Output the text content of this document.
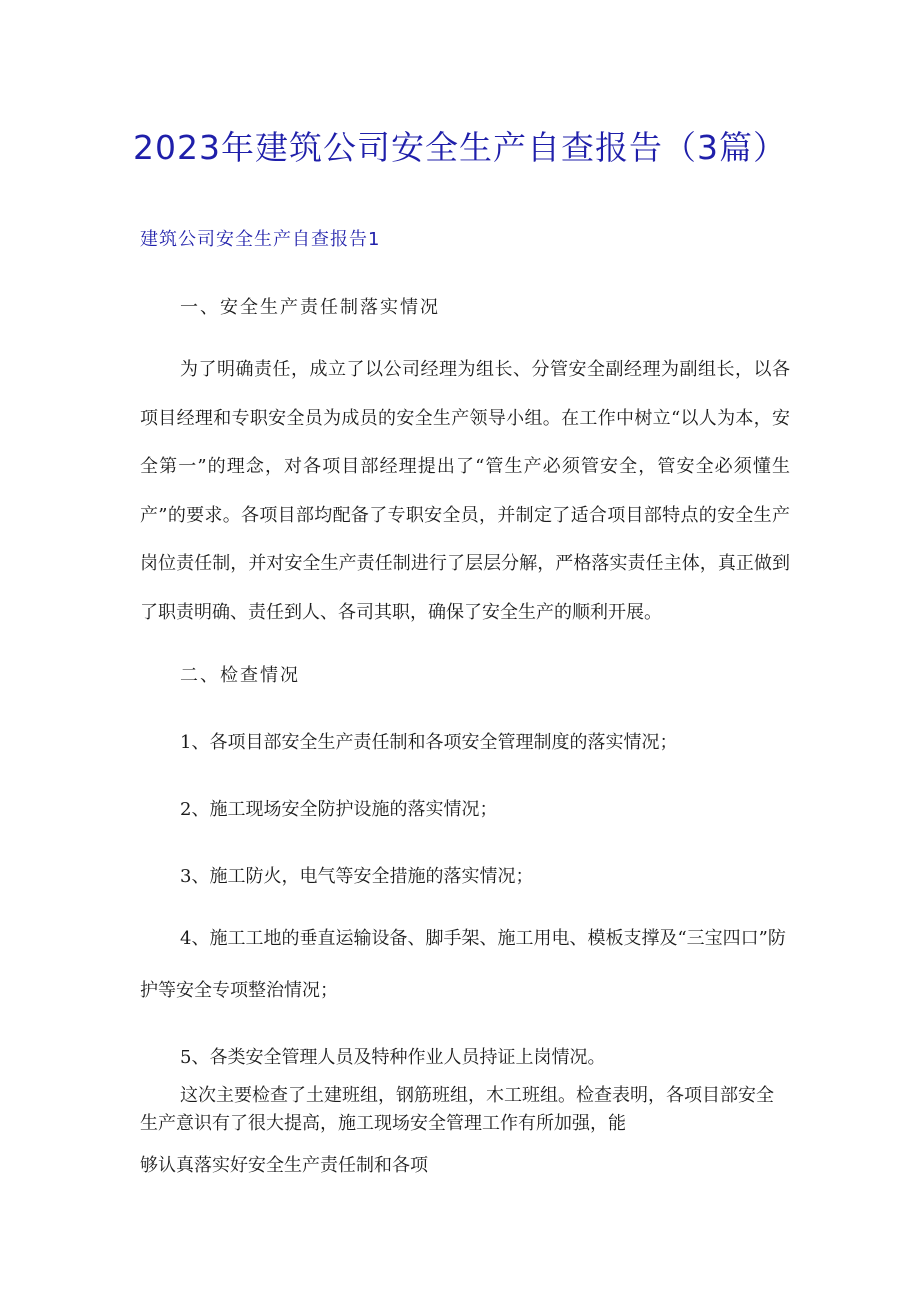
2023年建筑公司安全生产自查报告（3篇）
建筑公司安全生产自查报告1
一、安全生产责任制落实情况
为了明确责任，成立了以公司经理为组长、分管安全副经理为副组长，以各项目经理和专职安全员为成员的安全生产领导小组。在工作中树立“以人为本，安全第一”的理念，对各项目部经理提出了“管生产必须管安全，管安全必须懂生产”的要求。各项目部均配备了专职安全员，并制定了适合项目部特点的安全生产岗位责任制，并对安全生产责任制进行了层层分解，严格落实责任主体，真正做到了职责明确、责任到人、各司其职，确保了安全生产的顺利开展。
二、检查情况
1、各项目部安全生产责任制和各项安全管理制度的落实情况；
2、施工现场安全防护设施的落实情况；
3、施工防火，电气等安全措施的落实情况；
4、施工工地的垂直运输设备、脚手架、施工用电、模板支撑及“三宝四口”防护等安全专项整治情况；
5、各类安全管理人员及特种作业人员持证上岗情况。
这次主要检查了土建班组，钢筋班组，木工班组。检查表明，各项目部安全生产意识有了很大提高，施工现场安全管理工作有所加强，能
够认真落实好安全生产责任制和各项
